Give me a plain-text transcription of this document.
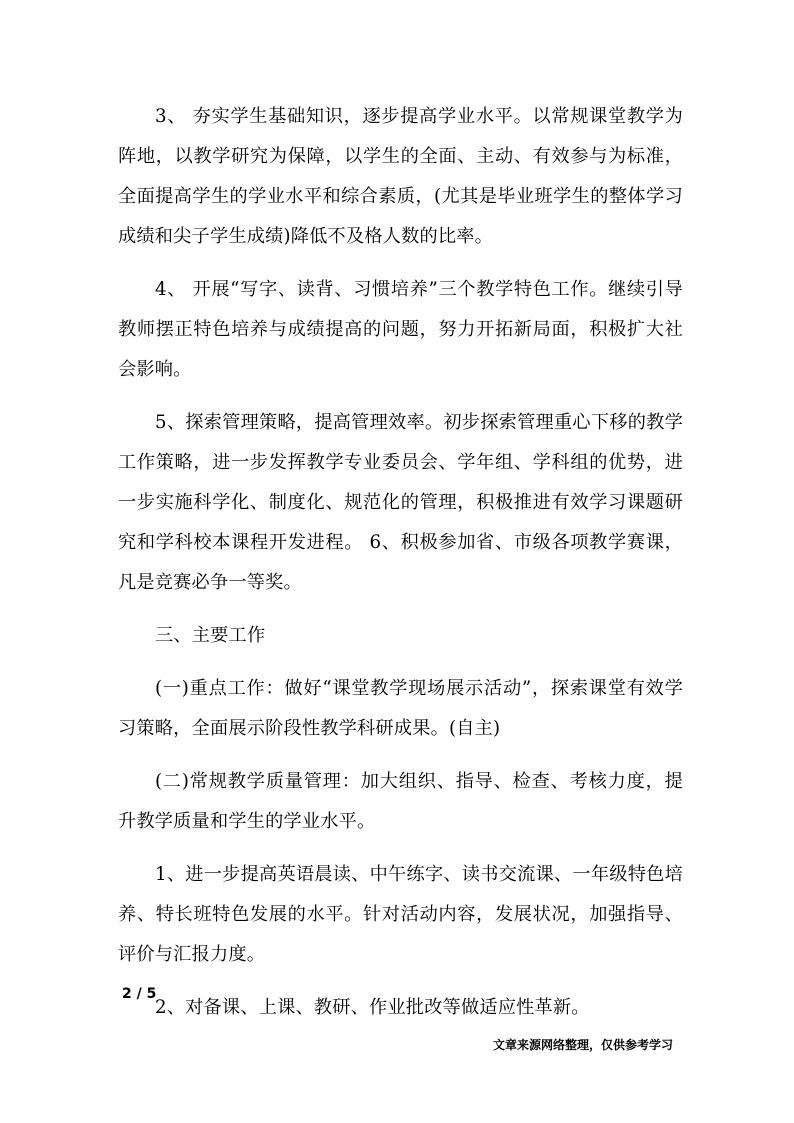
3、 夯实学生基础知识，逐步提高学业水平。以常规课堂教学为阵地，以教学研究为保障，以学生的全面、主动、有效参与为标准，全面提高学生的学业水平和综合素质，(尤其是毕业班学生的整体学习成绩和尖子学生成绩)降低不及格人数的比率。

4、 开展“写字、读背、习惯培养”三个教学特色工作。继续引导教师摆正特色培养与成绩提高的问题，努力开拓新局面，积极扩大社会影响。

5、探索管理策略，提高管理效率。初步探索管理重心下移的教学工作策略，进一步发挥教学专业委员会、学年组、学科组的优势，进一步实施科学化、制度化、规范化的管理，积极推进有效学习课题研究和学科校本课程开发进程。 6、积极参加省、市级各项教学赛课，凡是竞赛必争一等奖。

三、主要工作

(一)重点工作：做好“课堂教学现场展示活动”，探索课堂有效学习策略，全面展示阶段性教学科研成果。(自主)

(二)常规教学质量管理：加大组织、指导、检查、考核力度，提升教学质量和学生的学业水平。

1、进一步提高英语晨读、中午练字、读书交流课、一年级特色培养、特长班特色发展的水平。针对活动内容，发展状况，加强指导、评价与汇报力度。

2、对备课、上课、教研、作业批改等做适应性革新。

2 / 5
文章来源网络整理，仅供参考学习
